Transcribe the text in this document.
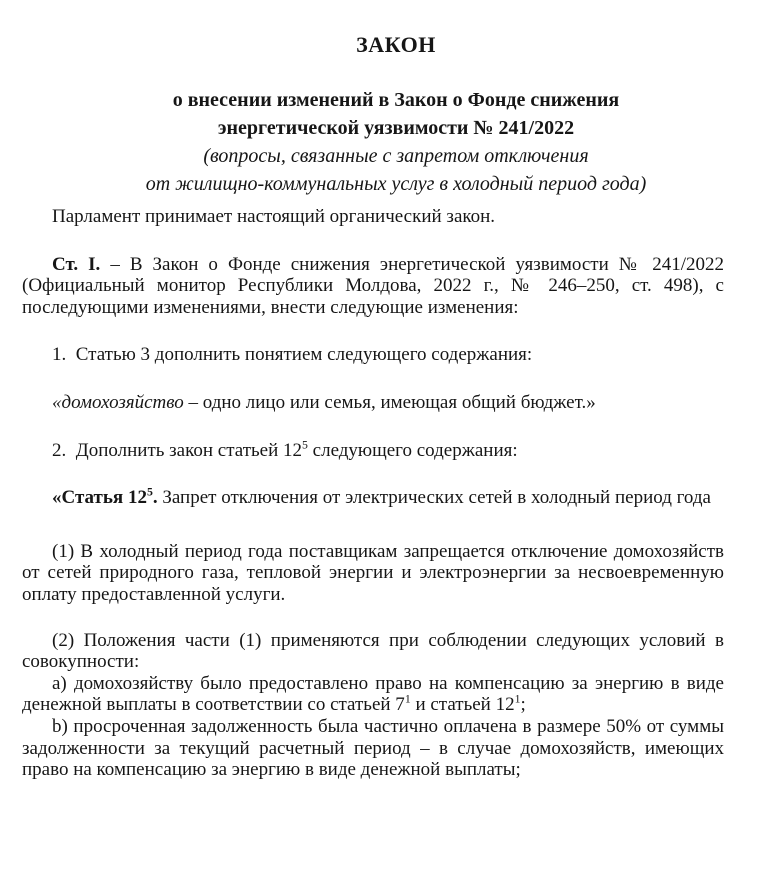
ЗАКОН

о внесении изменений в Закон о Фонде снижения
энергетической уязвимости № 241/2022

(вопросы, связанные с запретом отключения
от жилищно-коммунальных услуг в холодный период года)

Парламент принимает настоящий органический закон.

Ст. I. – В Закон о Фонде снижения энергетической уязвимости № 241/2022 (Официальный монитор Республики Молдова, 2022 г., № 246–250, ст. 498), с последующими изменениями, внести следующие изменения:

1.  Статью 3 дополнить понятием следующего содержания:

«домохозяйство – одно лицо или семья, имеющая общий бюджет.»

2.  Дополнить закон статьей $12^5$ следующего содержания:

«Статья $12^5$. Запрет отключения от электрических сетей в холодный период года

(1) В холодный период года поставщикам запрещается отключение домохозяйств от сетей природного газа, тепловой энергии и электроэнергии за несвоевременную оплату предоставленной услуги.

(2) Положения части (1) применяются при соблюдении следующих условий в совокупности:

a) домохозяйству было предоставлено право на компенсацию за энергию в виде денежной выплаты в соответствии со статьей $7^1$ и статьей $12^1$;

b) просроченная задолженность была частично оплачена в размере 50% от суммы задолженности за текущий расчетный период – в случае домохозяйств, имеющих право на компенсацию за энергию в виде денежной выплаты;
